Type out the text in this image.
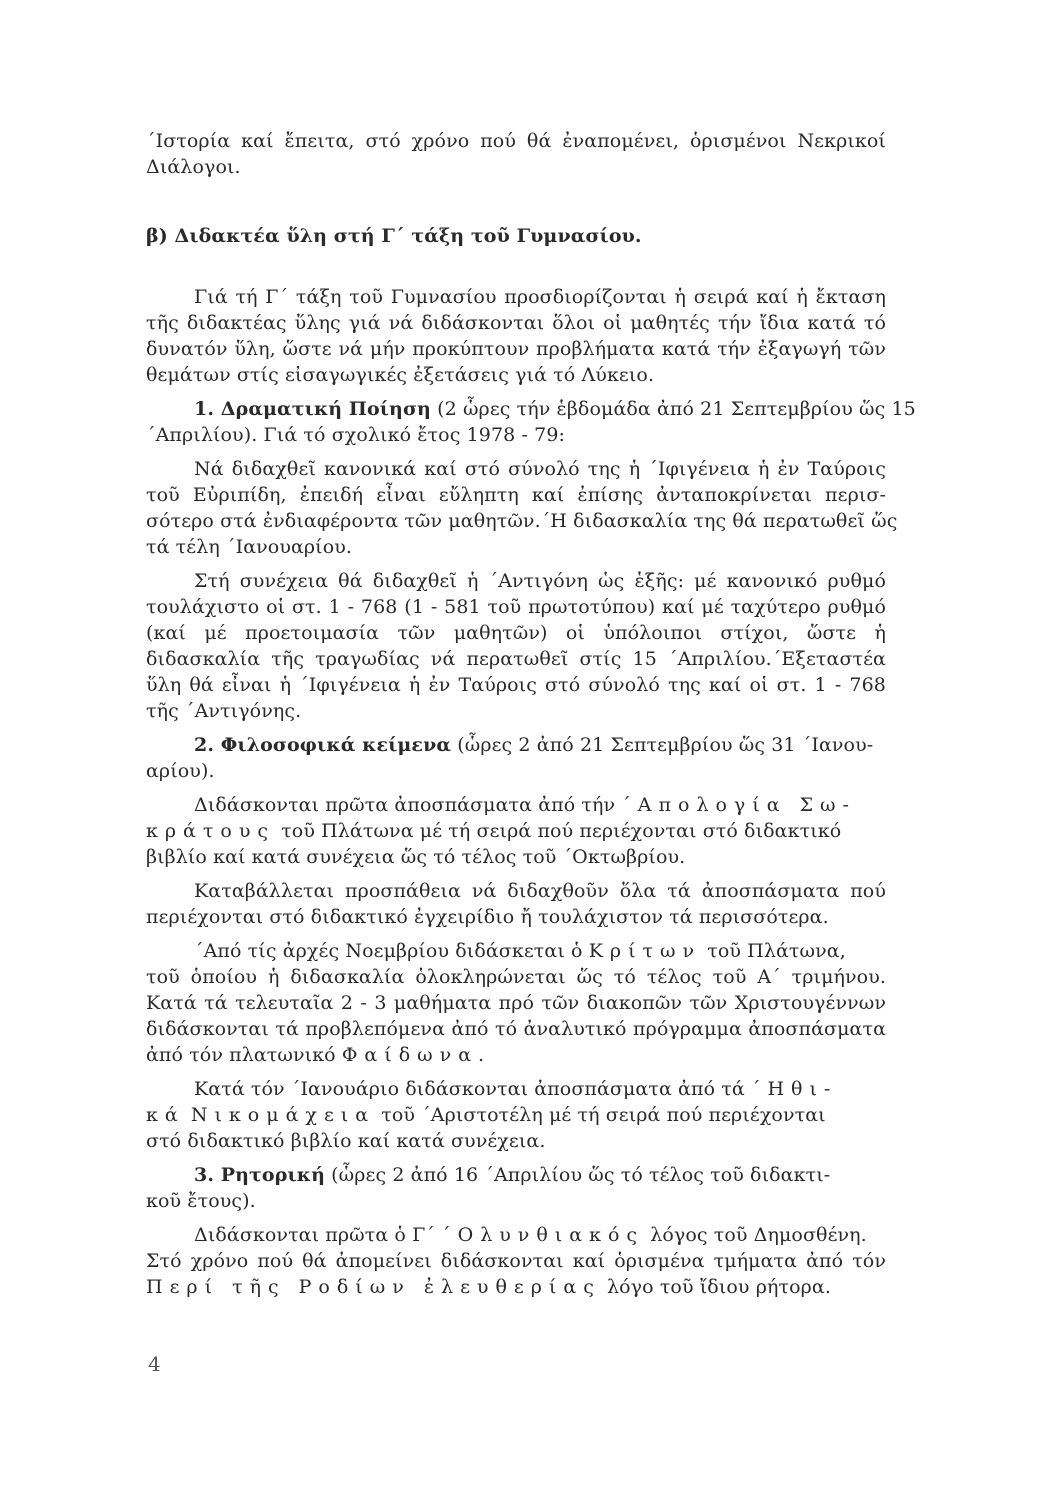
΄Ιστορία καί ἔπειτα, στό χρόνο πού θά ἐναπομένει, ὁρισμένοι Νεκρικοί
Διάλογοι.
β) Διδακτέα ὕλη στή Γ΄ τάξη τοῦ Γυμνασίου.
Γιά τή Γ΄ τάξη τοῦ Γυμνασίου προσδιορίζονται ἡ σειρά καί ἡ ἔκταση
τῆς διδακτέας ὕλης γιά νά διδάσκονται ὅλοι οἱ μαθητές τήν ἴδια κατά τό
δυνατόν ὕλη, ὥστε νά μήν προκύπτουν προβλήματα κατά τήν ἐξαγωγή τῶν
θεμάτων στίς εἰσαγωγικές ἐξετάσεις γιά τό Λύκειο.
1. Δραματική Ποίηση (2 ὧρες τήν ἑβδομάδα ἀπό 21 Σεπτεμβρίου ὥς 15
΄Απριλίου). Γιά τό σχολικό ἔτος 1978 - 79:
Νά διδαχθεῖ κανονικά καί στό σύνολό της ἡ ΄Ιφιγένεια ἡ ἐν Ταύροις
τοῦ Εὐριπίδη, ἐπειδή εἶναι εὔληπτη καί ἐπίσης ἀνταποκρίνεται περισ-
σότερο στά ἐνδιαφέροντα τῶν μαθητῶν.΄Η διδασκαλία της θά περατωθεῖ ὥς
τά τέλη ΄Ιανουαρίου.
Στή συνέχεια θά διδαχθεῖ ἡ ΄Αντιγόνη ὡς ἑξῆς: μέ κανονικό ρυθμό
τουλάχιστο οἱ στ. 1 - 768 (1 - 581 τοῦ πρωτοτύπου) καί μέ ταχύτερο ρυθμό
(καί μέ προετοιμασία τῶν μαθητῶν) οἱ ὑπόλοιποι στίχοι, ὥστε ἡ
διδασκαλία τῆς τραγωδίας νά περατωθεῖ στίς 15 ΄Απριλίου.΄Εξεταστέα
ὕλη θά εἶναι ἡ ΄Ιφιγένεια ἡ ἐν Ταύροις στό σύνολό της καί οἱ στ. 1 - 768
τῆς ΄Αντιγόνης.
2. Φιλοσοφικά κείμενα (ὧρες 2 ἀπό 21 Σεπτεμβρίου ὥς 31 ΄Ιανου-
αρίου).
Διδάσκονται πρῶτα ἀποσπάσματα ἀπό τήν ΄Απολογία Σω-
κράτους τοῦ Πλάτωνα μέ τή σειρά πού περιέχονται στό διδακτικό
βιβλίο καί κατά συνέχεια ὥς τό τέλος τοῦ ΄Οκτωβρίου.
Καταβάλλεται προσπάθεια νά διδαχθοῦν ὅλα τά ἀποσπάσματα πού
περιέχονται στό διδακτικό ἐγχειρίδιο ἤ τουλάχιστον τά περισσότερα.
΄Από τίς ἀρχές Νοεμβρίου διδάσκεται ὁ Κρίτων τοῦ Πλάτωνα,
τοῦ ὁποίου ἡ διδασκαλία ὁλοκληρώνεται ὥς τό τέλος τοῦ Α΄ τριμήνου.
Κατά τά τελευταῖα 2 - 3 μαθήματα πρό τῶν διακοπῶν τῶν Χριστουγέννων
διδάσκονται τά προβλεπόμενα ἀπό τό ἀναλυτικό πρόγραμμα ἀποσπάσματα
ἀπό τόν πλατωνικό Φαίδωνα.
Κατά τόν ΄Ιανουάριο διδάσκονται ἀποσπάσματα ἀπό τά ΄Ηθι-
κά Νικομάχεια τοῦ ΄Αριστοτέλη μέ τή σειρά πού περιέχονται
στό διδακτικό βιβλίο καί κατά συνέχεια.
3. Ρητορική (ὧρες 2 ἀπό 16 ΄Απριλίου ὥς τό τέλος τοῦ διδακτι-
κοῦ ἔτους).
Διδάσκονται πρῶτα ὁ Γ΄ ΄Ολυνθιακός λόγος τοῦ Δημοσθένη.
Στό χρόνο πού θά ἀπομείνει διδάσκονται καί ὁρισμένα τμήματα ἀπό τόν
Περί τῆς Ροδίων ἐλευθερίας λόγο τοῦ ἴδιου ρήτορα.
4
